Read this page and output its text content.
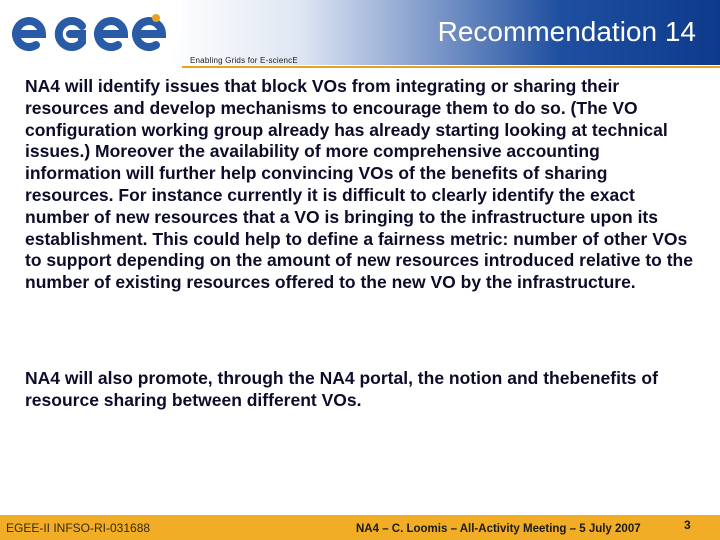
Enabling Grids for E-sciencE
Recommendation 14

NA4 will identify issues that block VOs from integrating or sharing their resources and develop mechanisms to encourage them to do so. (The VO configuration working group already has already starting looking at technical issues.) Moreover the availability of more comprehensive accounting information will further help convincing VOs of the benefits of sharing resources. For instance currently it is difficult to clearly identify the exact number of new resources that a VO is bringing to the infrastructure upon its establishment. This could help to define a fairness metric: number of other VOs to support depending on the amount of new resources introduced relative to the number of existing resources offered to the new VO by the infrastructure.

NA4 will also promote, through the NA4 portal, the notion and thebenefits of resource sharing between different VOs.

EGEE-II INFSO-RI-031688	NA4 – C. Loomis – All-Activity Meeting – 5 July 2007	3
